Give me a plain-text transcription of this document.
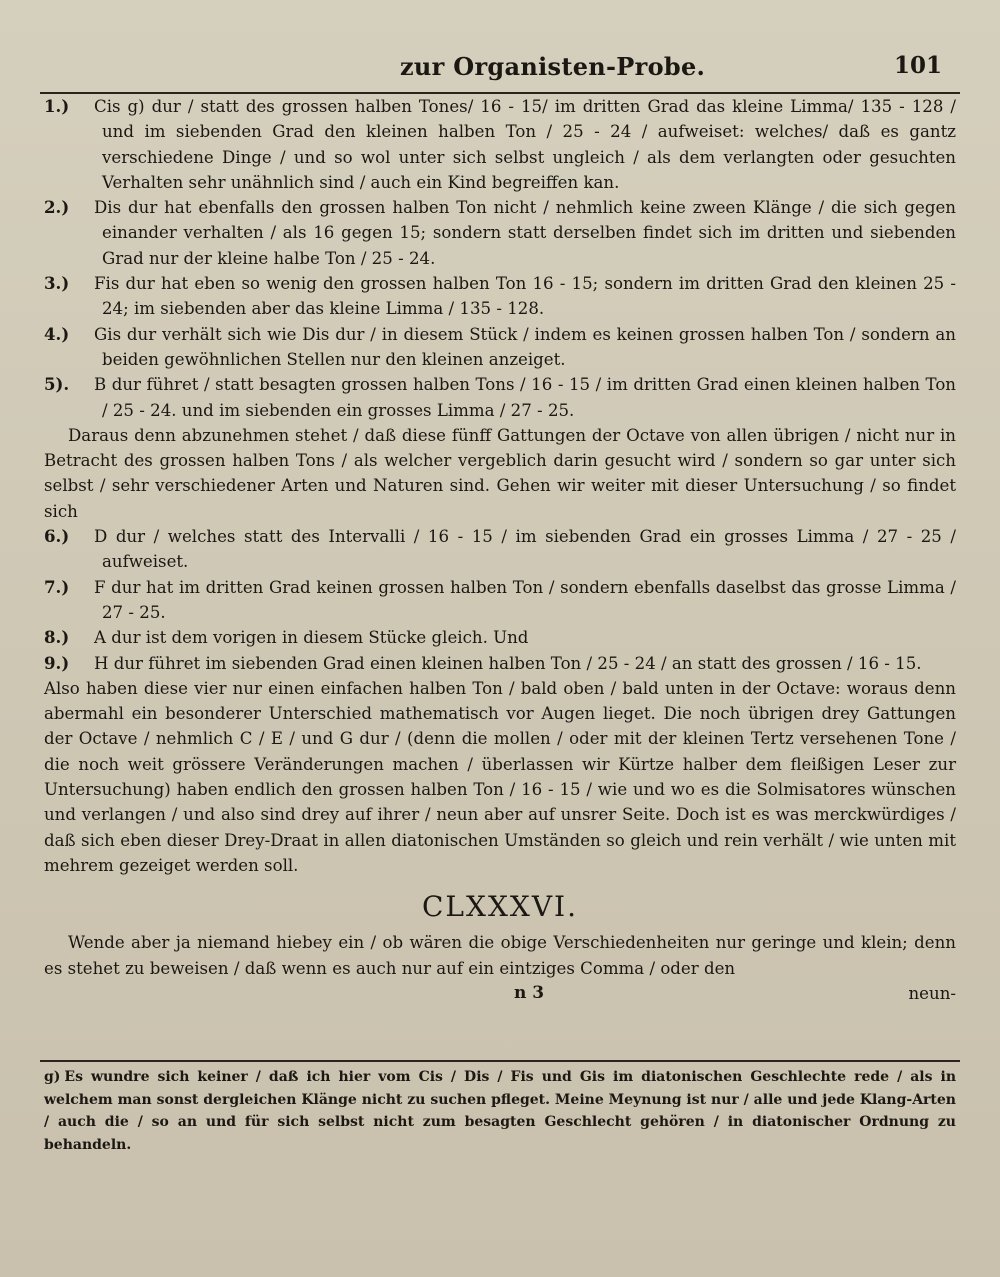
zur Organisten-Probe.	101

1.) Cis g) dur / statt des grossen halben Tones/ 16 - 15/ im dritten Grad das kleine Limma/ 135 - 128 / und im siebenden Grad den kleinen halben Ton / 25 - 24 / aufweiset: welches/ daß es gantz verschiedene Dinge / und so wol unter sich selbst ungleich / als dem verlangten oder gesuchten Verhalten sehr unähnlich sind / auch ein Kind begreiffen kan.

2.) Dis dur hat ebenfalls den grossen halben Ton nicht / nehmlich keine zween Klänge / die sich gegen einander verhalten / als 16 gegen 15; sondern statt derselben findet sich im dritten und siebenden Grad nur der kleine halbe Ton / 25 - 24.

3.) Fis dur hat eben so wenig den grossen halben Ton 16 - 15; sondern im dritten Grad den kleinen 25 - 24; im siebenden aber das kleine Limma / 135 - 128.

4.) Gis dur verhält sich wie Dis dur / in diesem Stück / indem es keinen grossen halben Ton / sondern an beiden gewöhnlichen Stellen nur den kleinen anzeiget.

5). B dur führet / statt besagten grossen halben Tons / 16 - 15 / im dritten Grad einen kleinen halben Ton / 25 - 24. und im siebenden ein grosses Limma / 27 - 25.

Daraus denn abzunehmen stehet / daß diese fünff Gattungen der Octave von allen übrigen / nicht nur in Betracht des grossen halben Tons / als welcher vergeblich darin gesucht wird / sondern so gar unter sich selbst / sehr verschiedener Arten und Naturen sind. Gehen wir weiter mit dieser Untersuchung / so findet sich

6.) D dur / welches statt des Intervalli / 16 - 15 / im siebenden Grad ein grosses Limma / 27 - 25 / aufweiset.

7.) F dur hat im dritten Grad keinen grossen halben Ton / sondern ebenfalls daselbst das grosse Limma / 27 - 25.

8.) A dur ist dem vorigen in diesem Stücke gleich. Und

9.) H dur führet im siebenden Grad einen kleinen halben Ton / 25 - 24 / an statt des grossen / 16 - 15.

Also haben diese vier nur einen einfachen halben Ton / bald oben / bald unten in der Octave: woraus denn abermahl ein besonderer Unterschied mathematisch vor Augen lieget. Die noch übrigen drey Gattungen der Octave / nehmlich C / E / und G dur / (denn die mollen / oder mit der kleinen Tertz versehenen Tone / die noch weit grössere Veränderungen machen / überlassen wir Kürtze halber dem fleißigen Leser zur Untersuchung) haben endlich den grossen halben Ton / 16 - 15 / wie und wo es die Solmisatores wünschen und verlangen / und also sind drey auf ihrer / neun aber auf unsrer Seite. Doch ist es was merckwürdiges / daß sich eben dieser Drey-Draat in allen diatonischen Umständen so gleich und rein verhält / wie unten mit mehrem gezeiget werden soll.

CLXXXVI.

Wende aber ja niemand hiebey ein / ob wären die obige Verschiedenheiten nur geringe und klein; denn es stehet zu beweisen / daß wenn es auch nur auf ein eintziges Comma / oder den

n 3	neun-
g) Es wundre sich keiner / daß ich hier vom Cis / Dis / Fis und Gis im diatonischen Geschlechte rede / als in welchem man sonst dergleichen Klänge nicht zu suchen pfleget. Meine Meynung ist nur / alle und jede Klang-Arten / auch die / so an und für sich selbst nicht zum besagten Geschlecht gehören / in diatonischer Ordnung zu behandeln.
